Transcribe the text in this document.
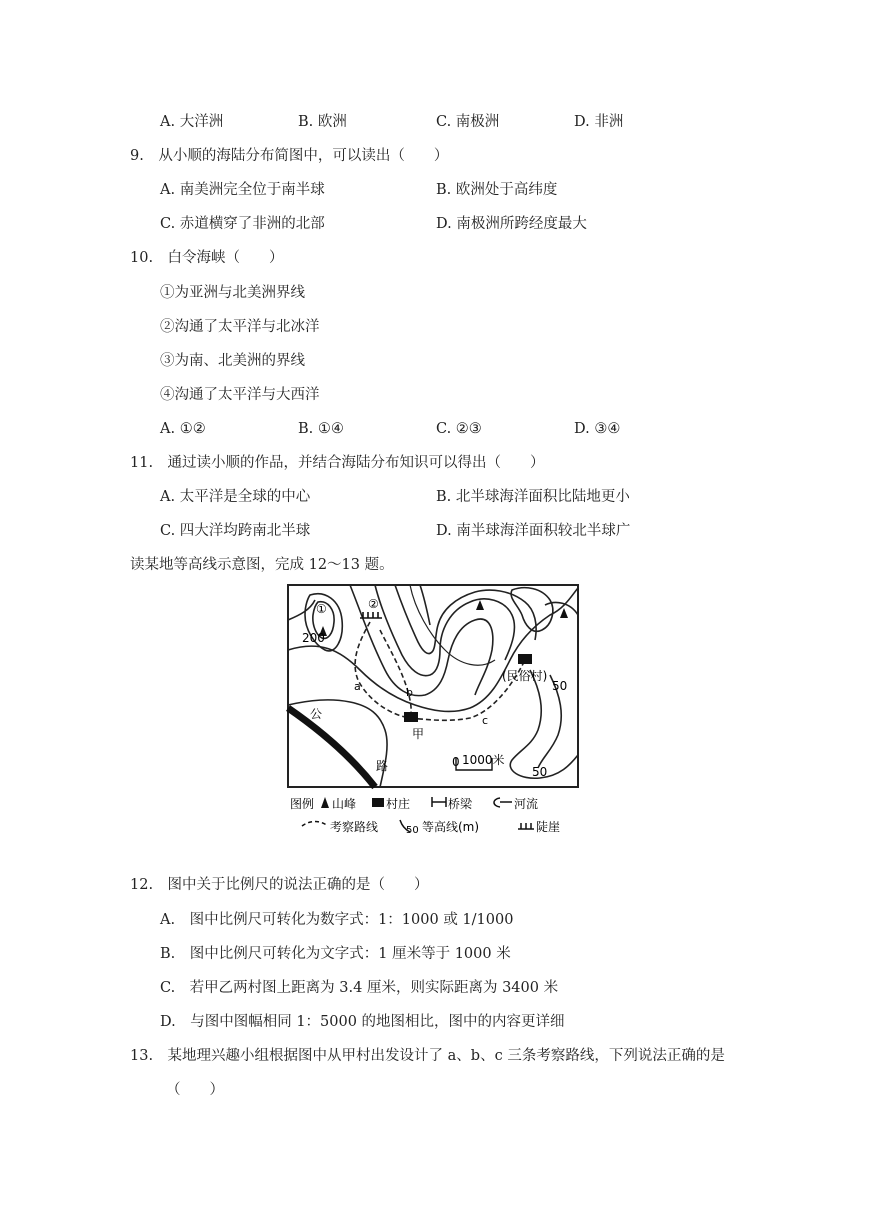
A. 大洋洲	B. 欧洲	C. 南极洲	D. 非洲
9.　从小顺的海陆分布简图中，可以读出（　　）
A. 南美洲完全位于南半球	B. 欧洲处于高纬度
C. 赤道横穿了非洲的北部	D. 南极洲所跨经度最大
10.　白令海峡（　　）
①为亚洲与北美洲界线
②沟通了太平洋与北冰洋
③为南、北美洲的界线
④沟通了太平洋与大西洋
A. ①②	B. ①④	C. ②③	D. ③④
11.　通过读小顺的作品，并结合海陆分布知识可以得出（　　）
A. 太平洋是全球的中心	B. 北半球海洋面积比陆地更小
C. 四大洋均跨南北半球	D. 南半球海洋面积较北半球广
读某地等高线示意图，完成 12～13 题。
①	②
200
a	b
c
甲
(民俗村)
50
50
公
路	0 1000米
图例 山峰 村庄	桥梁	河流
考察路线	50 等高线(m)	陡崖
12.　图中关于比例尺的说法正确的是（　　）
A.　图中比例尺可转化为数字式：1：1000 或 1/1000
B.　图中比例尺可转化为文字式：1 厘米等于 1000 米
C.　若甲乙两村图上距离为 3.4 厘米，则实际距离为 3400 米
D.　与图中图幅相同 1：5000 的地图相比，图中的内容更详细
13.　某地理兴趣小组根据图中从甲村出发设计了 a、b、c 三条考察路线，下列说法正确的是
（　　）
